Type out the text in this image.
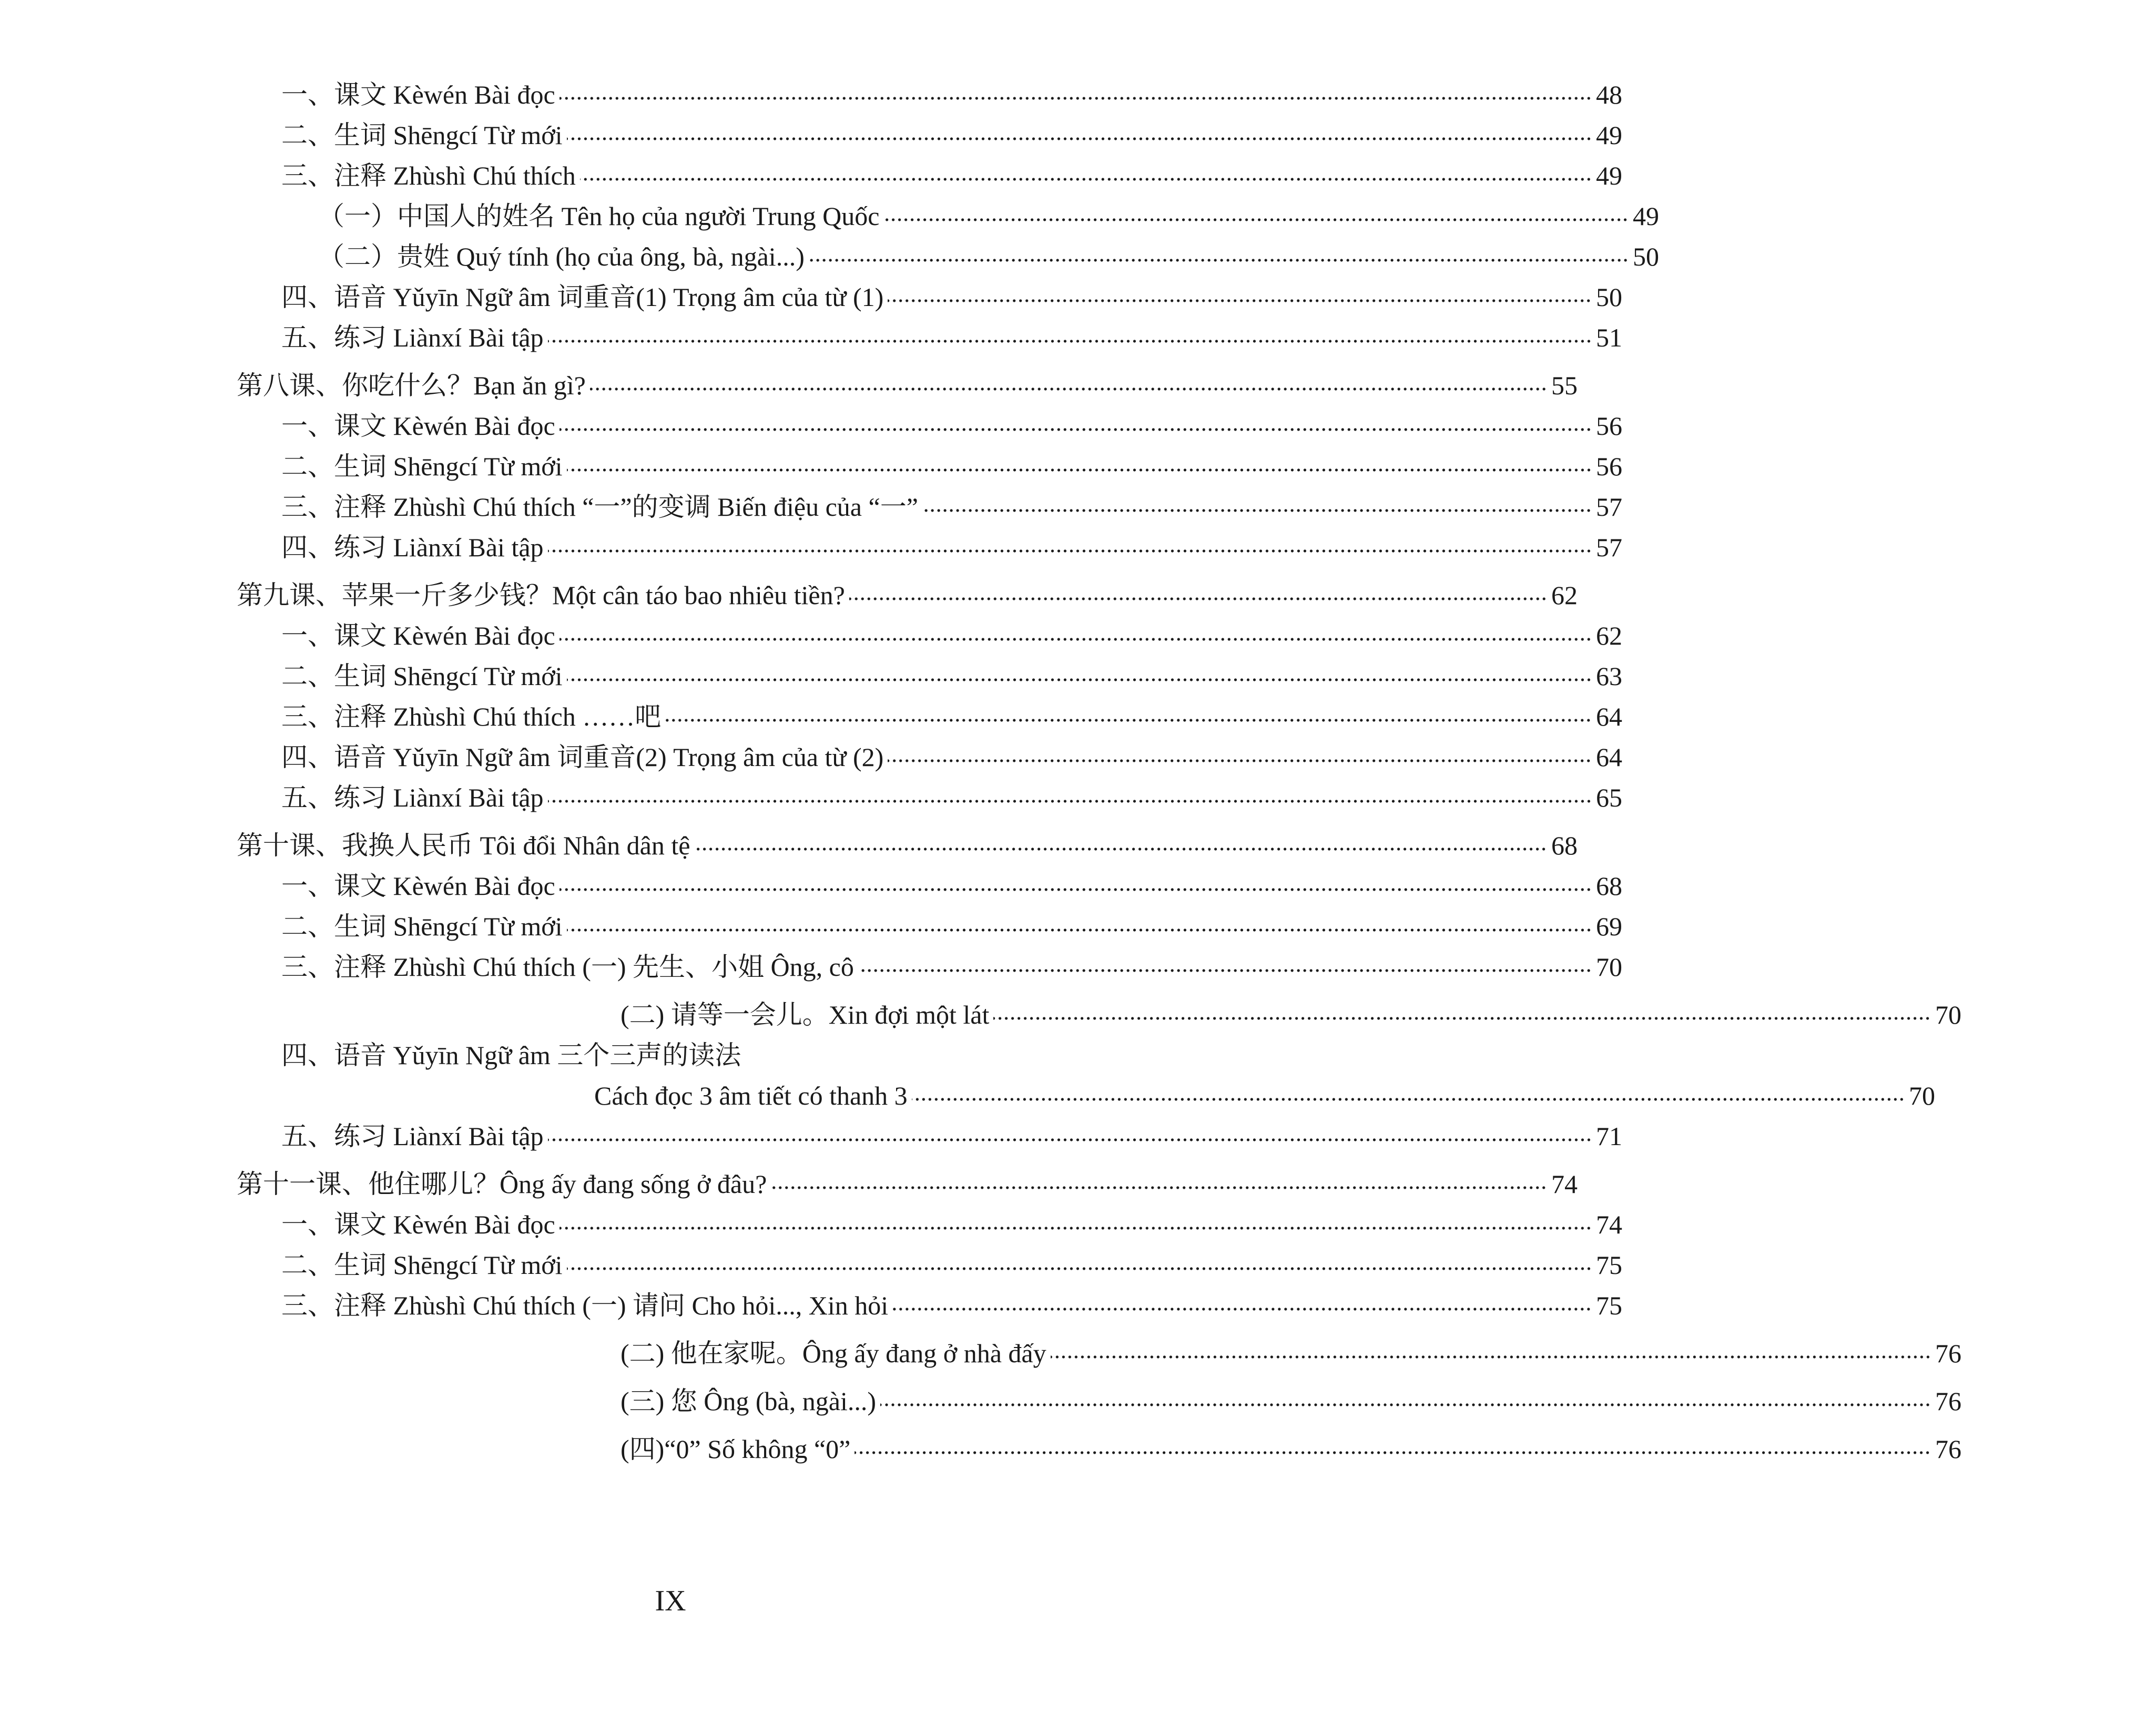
一、课文 Kèwén Bài đọc	48
二、生词 Shēngcí Từ mới	49
三、注释 Zhùshì Chú thích	49
（一）中国人的姓名 Tên họ của người Trung Quốc	49
（二）贵姓 Quý tính (họ của ông, bà, ngài...)	50
四、语音 Yǔyīn Ngữ âm 词重音(1) Trọng âm của từ (1)	50
五、练习 Liànxí Bài tập	51
第八课、你吃什么？Bạn ăn gì?	55
一、课文 Kèwén Bài đọc	56
二、生词 Shēngcí Từ mới	56
三、注释 Zhùshì Chú thích “一”的变调 Biến điệu của “一”	57
四、练习 Liànxí Bài tập	57
第九课、苹果一斤多少钱？Một cân táo bao nhiêu tiền?	62
一、课文 Kèwén Bài đọc	62
二、生词 Shēngcí Từ mới	63
三、注释 Zhùshì Chú thích ……吧	64
四、语音 Yǔyīn Ngữ âm 词重音(2) Trọng âm của từ (2)	64
五、练习 Liànxí Bài tập	65
第十课、我换人民币 Tôi đổi Nhân dân tệ	68
一、课文 Kèwén Bài đọc	68
二、生词 Shēngcí Từ mới	69
三、注释 Zhùshì Chú thích (一) 先生、小姐 Ông, cô	70
(二) 请等一会儿。Xin đợi một lát	70
四、语音 Yǔyīn Ngữ âm 三个三声的读法
Cách đọc 3 âm tiết có thanh 3	70
五、练习 Liànxí Bài tập	71
第十一课、他住哪儿？Ông ấy đang sống ở đâu?	74
一、课文 Kèwén Bài đọc	74
二、生词 Shēngcí Từ mới	75
三、注释 Zhùshì Chú thích (一) 请问 Cho hỏi..., Xin hỏi	75
(二) 他在家呢。Ông ấy đang ở nhà đấy	76
(三) 您 Ông (bà, ngài...)	76
(四)“0” Số không “0”	76
IX
